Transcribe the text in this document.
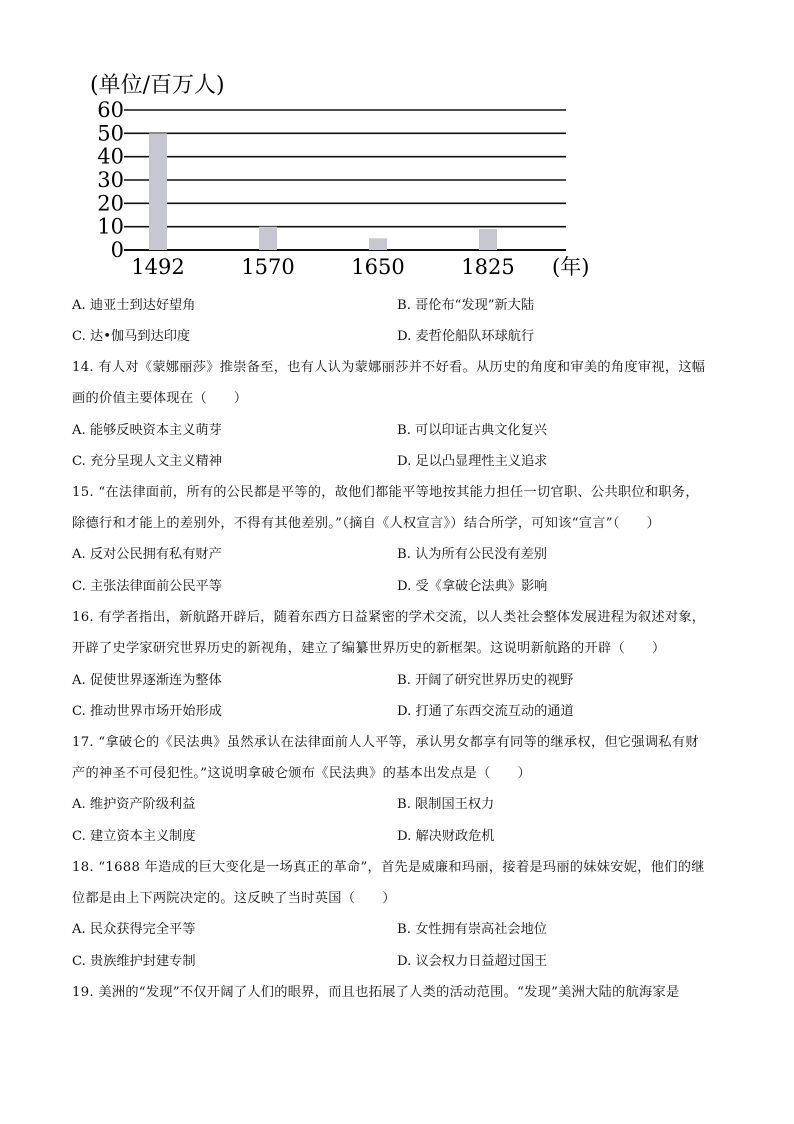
(单位/百万人)
0
10
20
30
40
50
60
1492	1570	1650	1825 (年)
A. 迪亚士到达好望角	B. 哥伦布“发现”新大陆
C. 达•伽马到达印度	D. 麦哲伦船队环球航行
14. 有人对《蒙娜丽莎》推崇备至，也有人认为蒙娜丽莎并不好看。从历史的角度和审美的角度审视，这幅
画的价值主要体现在（　　）
A. 能够反映资本主义萌芽	B. 可以印证古典文化复兴
C. 充分呈现人文主义精神	D. 足以凸显理性主义追求
15. “在法律面前，所有的公民都是平等的，故他们都能平等地按其能力担任一切官职、公共职位和职务，
除德行和才能上的差别外，不得有其他差别。”（摘自《人权宣言》）结合所学，可知该“宣言”（　　）
A. 反对公民拥有私有财产	B. 认为所有公民没有差别
C. 主张法律面前公民平等	D. 受《拿破仑法典》影响
16. 有学者指出，新航路开辟后，随着东西方日益紧密的学术交流，以人类社会整体发展进程为叙述对象，
开辟了史学家研究世界历史的新视角，建立了编纂世界历史的新框架。这说明新航路的开辟（　　）
A. 促使世界逐渐连为整体	B. 开阔了研究世界历史的视野
C. 推动世界市场开始形成	D. 打通了东西交流互动的通道
17. “拿破仑的《民法典》虽然承认在法律面前人人平等，承认男女都享有同等的继承权，但它强调私有财
产的神圣不可侵犯性。”这说明拿破仑颁布《民法典》的基本出发点是（　　）
A. 维护资产阶级利益	B. 限制国王权力
C. 建立资本主义制度	D. 解决财政危机
18. “1688 年造成的巨大变化是一场真正的革命”，首先是威廉和玛丽，接着是玛丽的妹妹安妮，他们的继
位都是由上下两院决定的。这反映了当时英国（　　）
A. 民众获得完全平等	B. 女性拥有崇高社会地位
C. 贵族维护封建专制	D. 议会权力日益超过国王
19. 美洲的“发现”不仅开阔了人们的眼界，而且也拓展了人类的活动范围。“发现”美洲大陆的航海家是
